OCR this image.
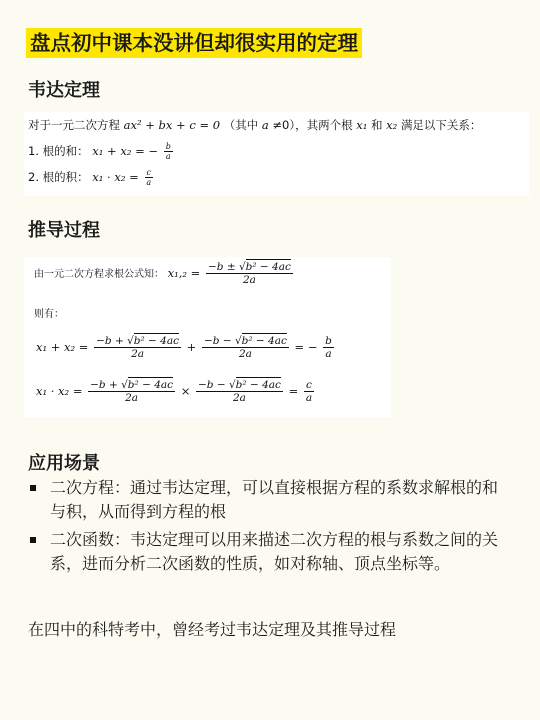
盘点初中课本没讲但却很实用的定理
韦达定理
对于一元二次方程 ax² + bx + c = 0 （其中 a ≠0），其两个根 x₁ 和 x₂ 满足以下关系：
1. 根的和： x₁ + x₂ = − $\frac{b}{a}$
2. 根的积： $x_1 \cdot x_2 = \frac{c}{a}$
推导过程
由一元二次方程求根公式知： $x_1,_2 = \frac{\text{−b ± √b² − 4ac}}{2a}$
则有：
$x_1 + x_2 = \frac{\text{−b + √b² − 4ac}}{2a} + \frac{\text{−b − √b² − 4ac}}{2a}$ = − $\frac{b}{a}$
$x_1 \cdot x_2 = \frac{\text{−b + √b² − 4ac}}{2a} \times \frac{\text{−b − √b² − 4ac}}{2a} = \frac{c}{a}$
应用场景
二次方程：通过韦达定理，可以直接根据方程的系数求解根的和与积，从而得到方程的根
二次函数：韦达定理可以用来描述二次方程的根与系数之间的关系，进而分析二次函数的性质，如对称轴、顶点坐标等。
在四中的科特考中，曾经考过韦达定理及其推导过程
